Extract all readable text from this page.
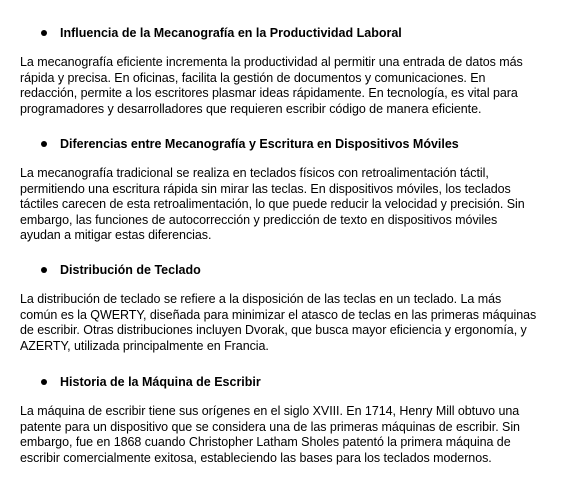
Influencia de la Mecanografía en la Productividad Laboral

La mecanografía eficiente incrementa la productividad al permitir una entrada de datos más
rápida y precisa. En oficinas, facilita la gestión de documentos y comunicaciones. En
redacción, permite a los escritores plasmar ideas rápidamente. En tecnología, es vital para
programadores y desarrolladores que requieren escribir código de manera eficiente.

Diferencias entre Mecanografía y Escritura en Dispositivos Móviles

La mecanografía tradicional se realiza en teclados físicos con retroalimentación táctil,
permitiendo una escritura rápida sin mirar las teclas. En dispositivos móviles, los teclados
táctiles carecen de esta retroalimentación, lo que puede reducir la velocidad y precisión. Sin
embargo, las funciones de autocorrección y predicción de texto en dispositivos móviles
ayudan a mitigar estas diferencias.

Distribución de Teclado

La distribución de teclado se refiere a la disposición de las teclas en un teclado. La más
común es la QWERTY, diseñada para minimizar el atasco de teclas en las primeras máquinas
de escribir. Otras distribuciones incluyen Dvorak, que busca mayor eficiencia y ergonomía, y
AZERTY, utilizada principalmente en Francia.

Historia de la Máquina de Escribir

La máquina de escribir tiene sus orígenes en el siglo XVIII. En 1714, Henry Mill obtuvo una
patente para un dispositivo que se considera una de las primeras máquinas de escribir. Sin
embargo, fue en 1868 cuando Christopher Latham Sholes patentó la primera máquina de
escribir comercialmente exitosa, estableciendo las bases para los teclados modernos.
